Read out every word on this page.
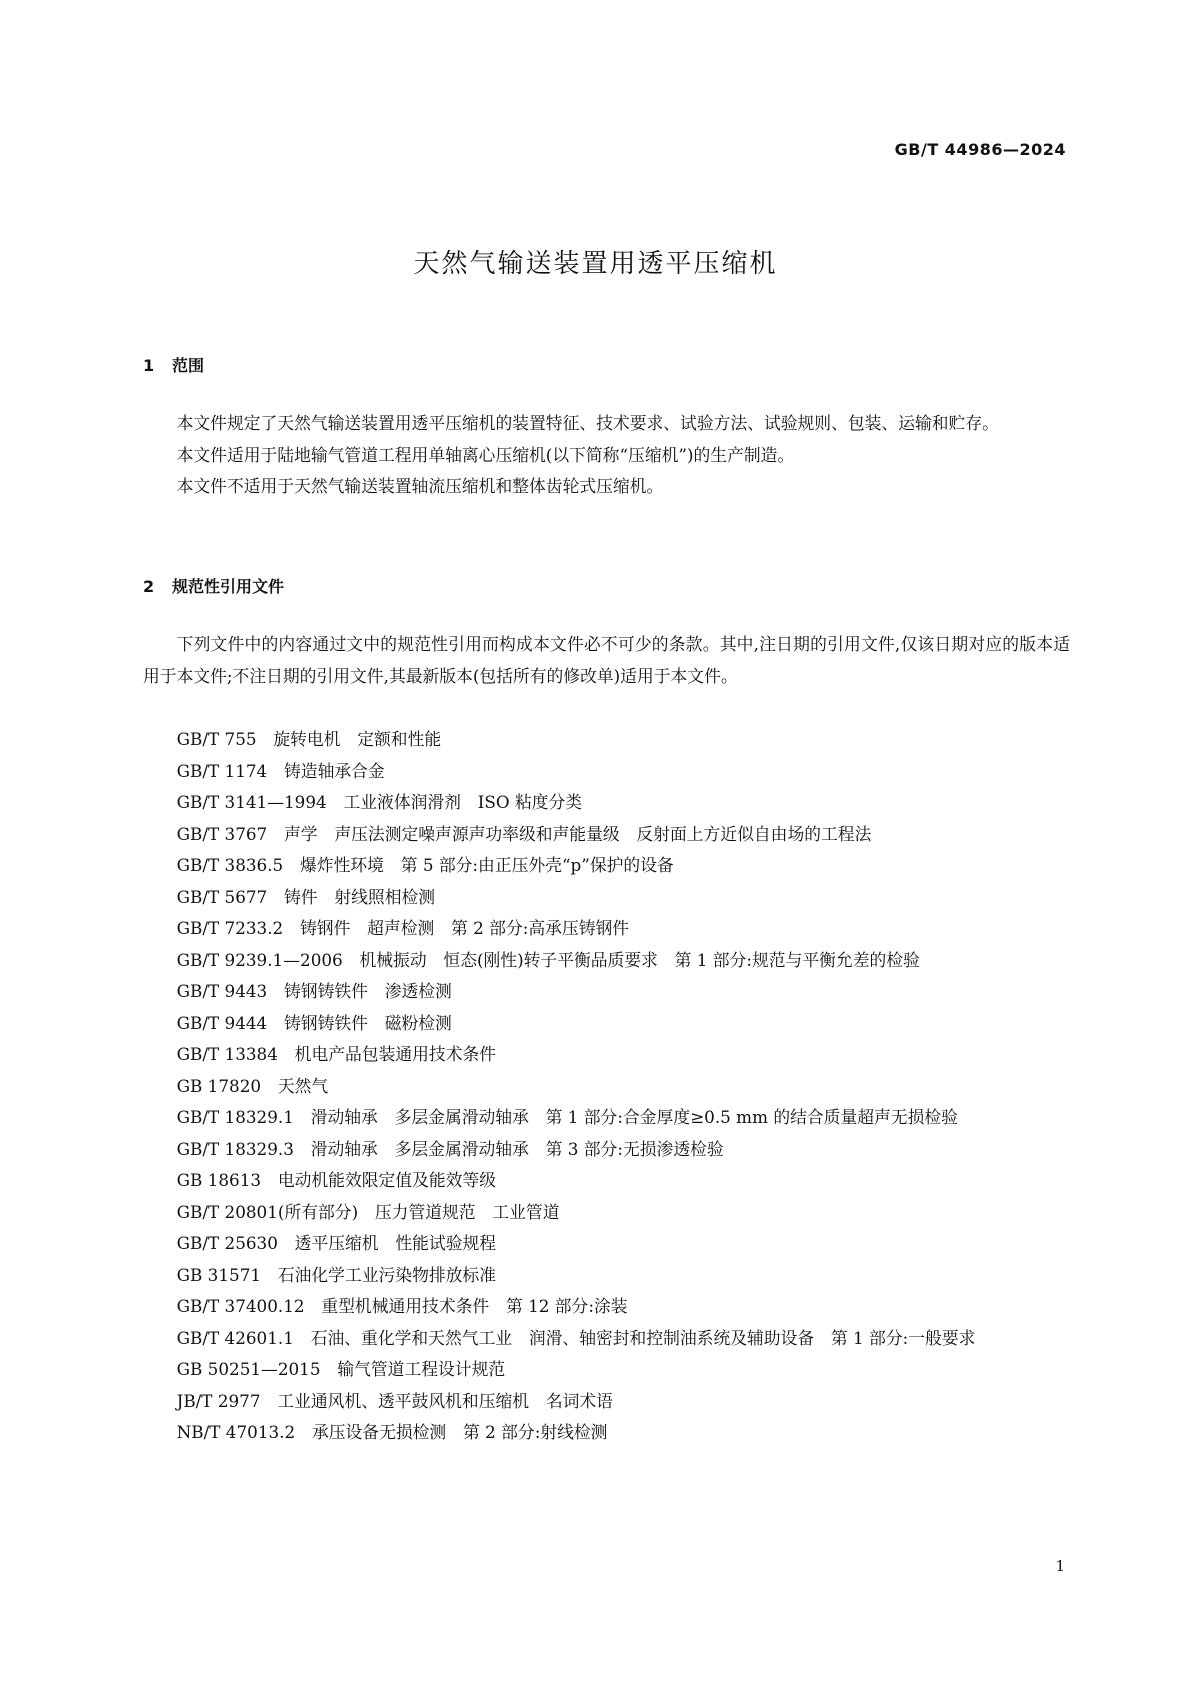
GB/T 44986—2024
天然气输送装置用透平压缩机
1 范围

本文件规定了天然气输送装置用透平压缩机的装置特征、技术要求、试验方法、试验规则、包装、运输和贮存。

本文件适用于陆地输气管道工程用单轴离心压缩机(以下简称“压缩机”)的生产制造。

本文件不适用于天然气输送装置轴流压缩机和整体齿轮式压缩机。

2 规范性引用文件

下列文件中的内容通过文中的规范性引用而构成本文件必不可少的条款。其中,注日期的引用文件,仅该日期对应的版本适用于本文件;不注日期的引用文件,其最新版本(包括所有的修改单)适用于本文件。

GB/T 755　旋转电机　定额和性能
GB/T 1174　铸造轴承合金
GB/T 3141—1994　工业液体润滑剂　ISO 粘度分类
GB/T 3767　声学　声压法测定噪声源声功率级和声能量级　反射面上方近似自由场的工程法
GB/T 3836.5　爆炸性环境　第 5 部分:由正压外壳“p”保护的设备
GB/T 5677　铸件　射线照相检测
GB/T 7233.2　铸钢件　超声检测　第 2 部分:高承压铸钢件
GB/T 9239.1—2006　机械振动　恒态(刚性)转子平衡品质要求　第 1 部分:规范与平衡允差的检验
GB/T 9443　铸钢铸铁件　渗透检测
GB/T 9444　铸钢铸铁件　磁粉检测
GB/T 13384　机电产品包装通用技术条件
GB 17820　天然气
GB/T 18329.1　滑动轴承　多层金属滑动轴承　第 1 部分:合金厚度≥0.5 mm 的结合质量超声无损检验
GB/T 18329.3　滑动轴承　多层金属滑动轴承　第 3 部分:无损渗透检验
GB 18613　电动机能效限定值及能效等级
GB/T 20801(所有部分)　压力管道规范　工业管道
GB/T 25630　透平压缩机　性能试验规程
GB 31571　石油化学工业污染物排放标准
GB/T 37400.12　重型机械通用技术条件　第 12 部分:涂装
GB/T 42601.1　石油、重化学和天然气工业　润滑、轴密封和控制油系统及辅助设备　第 1 部分:一般要求
GB 50251—2015　输气管道工程设计规范
JB/T 2977　工业通风机、透平鼓风机和压缩机　名词术语
NB/T 47013.2　承压设备无损检测　第 2 部分:射线检测
1
